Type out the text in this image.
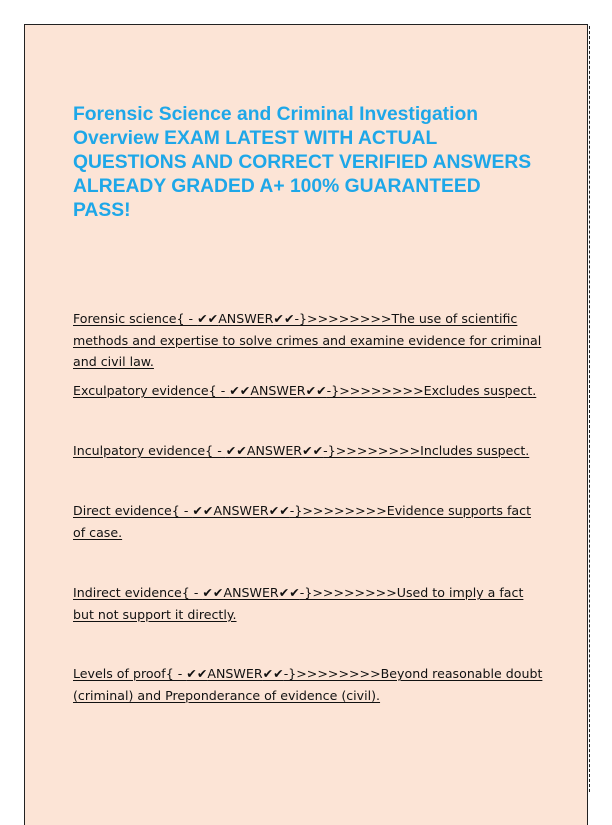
Forensic Science and Criminal Investigation Overview EXAM LATEST WITH ACTUAL QUESTIONS AND CORRECT VERIFIED ANSWERS ALREADY GRADED A+ 100% GUARANTEED PASS!

Forensic science{ - ✔✔ANSWER✔✔-}>>>>>>>>The use of scientific methods and expertise to solve crimes and examine evidence for criminal and civil law.

Exculpatory evidence{ - ✔✔ANSWER✔✔-}>>>>>>>>Excludes suspect.

Inculpatory evidence{ - ✔✔ANSWER✔✔-}>>>>>>>>Includes suspect.

Direct evidence{ - ✔✔ANSWER✔✔-}>>>>>>>>Evidence supports fact of case.

Indirect evidence{ - ✔✔ANSWER✔✔-}>>>>>>>>Used to imply a fact but not support it directly.

Levels of proof{ - ✔✔ANSWER✔✔-}>>>>>>>>Beyond reasonable doubt (criminal) and Preponderance of evidence (civil).
